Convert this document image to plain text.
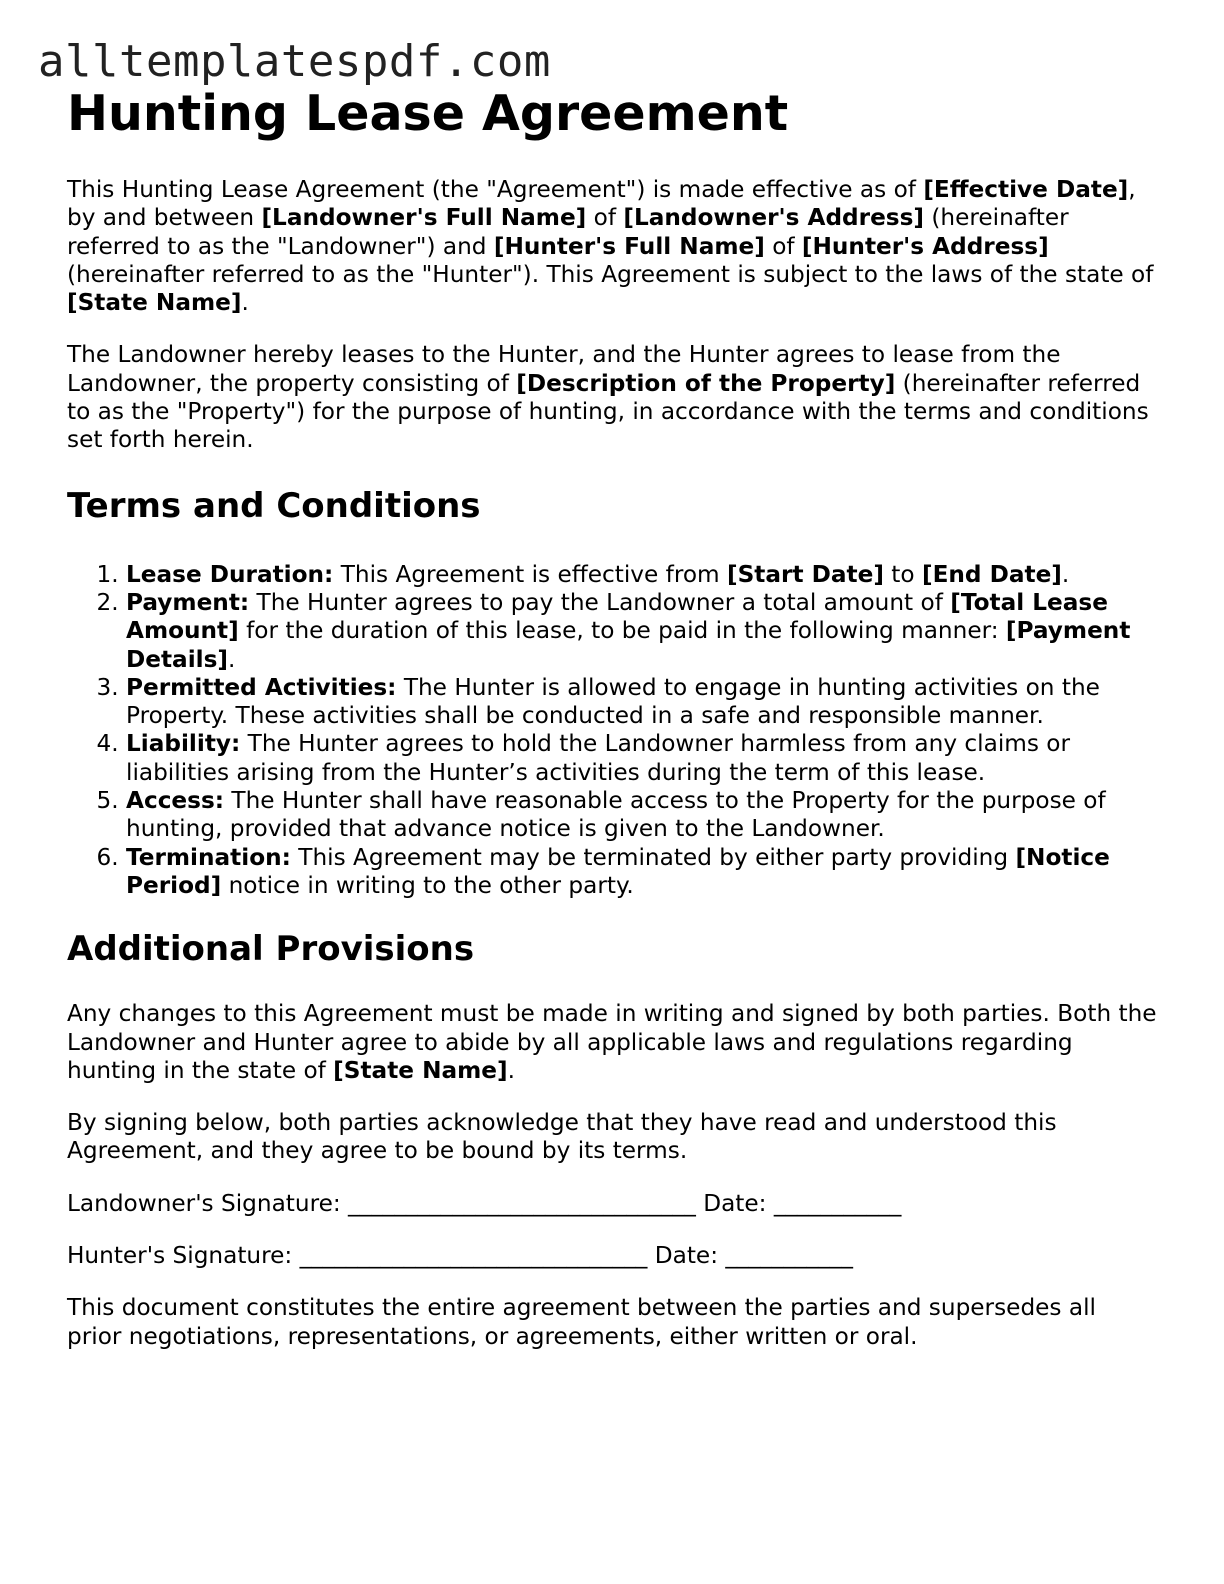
alltemplatespdf.com
Hunting Lease Agreement

This Hunting Lease Agreement (the "Agreement") is made effective as of [Effective Date], by and between [Landowner's Full Name] of [Landowner's Address] (hereinafter referred to as the "Landowner") and [Hunter's Full Name] of [Hunter's Address] (hereinafter referred to as the "Hunter"). This Agreement is subject to the laws of the state of [State Name].

The Landowner hereby leases to the Hunter, and the Hunter agrees to lease from the Landowner, the property consisting of [Description of the Property] (hereinafter referred to as the "Property") for the purpose of hunting, in accordance with the terms and conditions set forth herein.

Terms and Conditions
1. Lease Duration: This Agreement is effective from [Start Date] to [End Date].
2. Payment: The Hunter agrees to pay the Landowner a total amount of [Total Lease Amount] for the duration of this lease, to be paid in the following manner: [Payment Details].
3. Permitted Activities: The Hunter is allowed to engage in hunting activities on the Property. These activities shall be conducted in a safe and responsible manner.
4. Liability: The Hunter agrees to hold the Landowner harmless from any claims or liabilities arising from the Hunter’s activities during the term of this lease.
5. Access: The Hunter shall have reasonable access to the Property for the purpose of hunting, provided that advance notice is given to the Landowner.
6. Termination: This Agreement may be terminated by either party providing [Notice Period] notice in writing to the other party.
Additional Provisions

Any changes to this Agreement must be made in writing and signed by both parties. Both the Landowner and Hunter agree to abide by all applicable laws and regulations regarding hunting in the state of [State Name].

By signing below, both parties acknowledge that they have read and understood this Agreement, and they agree to be bound by its terms.

Landowner's Signature: ______________________________ Date: ___________

Hunter's Signature: ______________________________ Date: ___________

This document constitutes the entire agreement between the parties and supersedes all prior negotiations, representations, or agreements, either written or oral.
